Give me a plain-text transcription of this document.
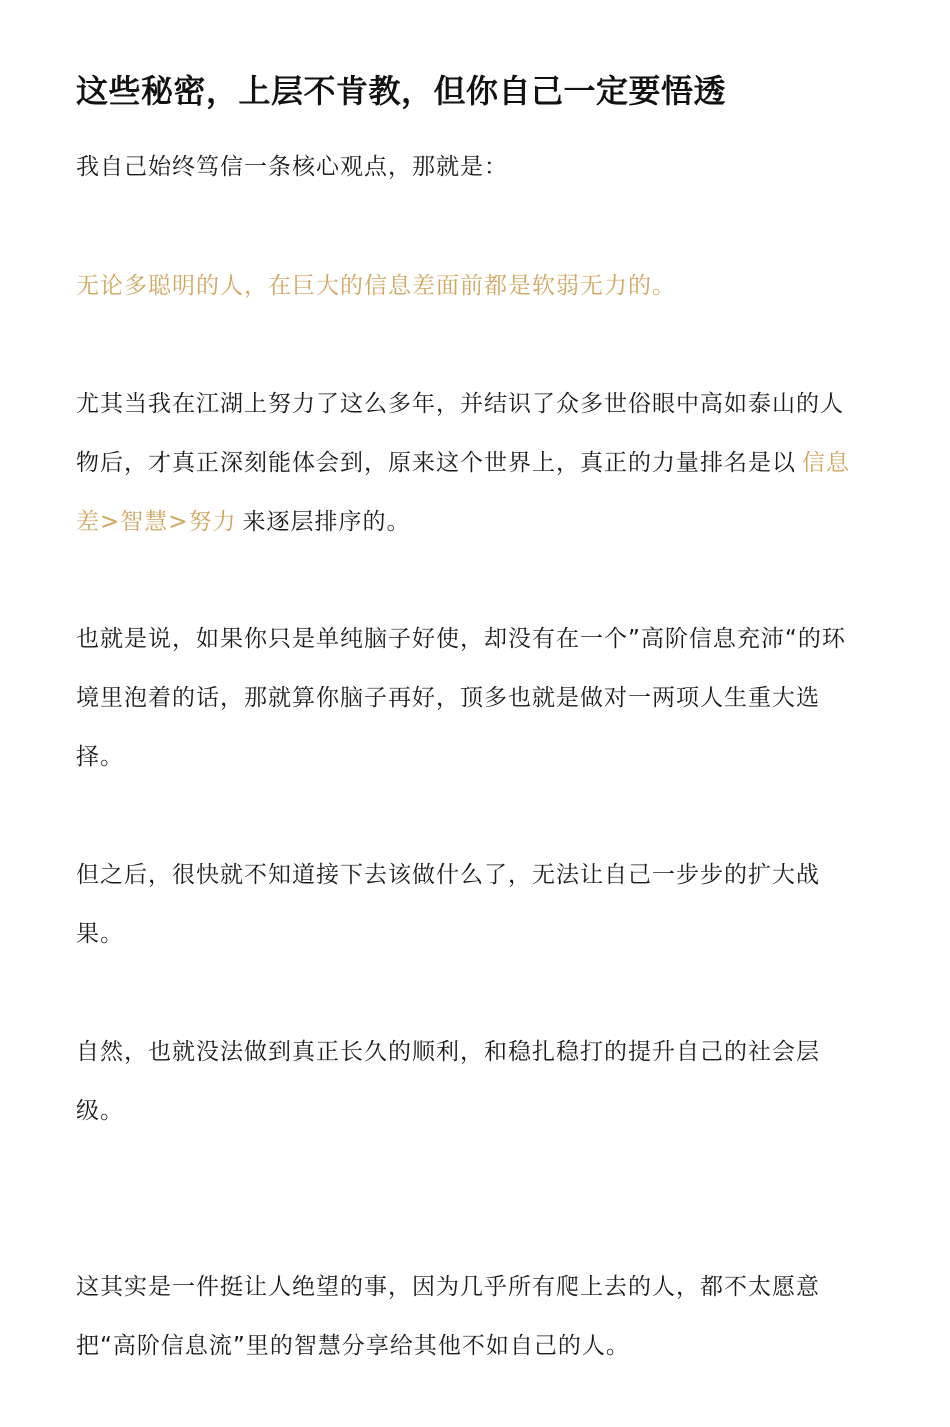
这些秘密，上层不肯教，但你自己一定要悟透

我自己始终笃信一条核心观点，那就是：

无论多聪明的人，在巨大的信息差面前都是软弱无力的。

尤其当我在江湖上努力了这么多年，并结识了众多世俗眼中高如泰山的人物后，才真正深刻能体会到，原来这个世界上，真正的力量排名是以 信息差>智慧>努力 来逐层排序的。

也就是说，如果你只是单纯脑子好使，却没有在一个”高阶信息充沛“的环境里泡着的话，那就算你脑子再好，顶多也就是做对一两项人生重大选择。

但之后，很快就不知道接下去该做什么了，无法让自己一步步的扩大战果。

自然，也就没法做到真正长久的顺利，和稳扎稳打的提升自己的社会层级。

这其实是一件挺让人绝望的事，因为几乎所有爬上去的人，都不太愿意把“高阶信息流”里的智慧分享给其他不如自己的人。
